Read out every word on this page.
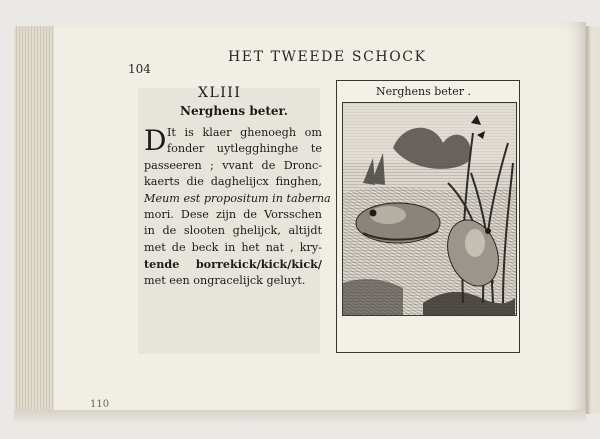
104
HET TWEEDE SCHOCK
XLIII
Nerghens beter.
D It is klaer ghenoegh om
fonder uytlegghinghe te
passeeren ; vvant de Dronc-
kaerts die daghelijcx finghen,
Meum est propositum in taberna
mori. Dese zijn de Vorsschen
in de slooten ghelijck, altijdt
met de beck in het nat , kry-
tende borrekick/kick/kick/
met een ongracelijck geluyt.
Nerghens beter .
110
